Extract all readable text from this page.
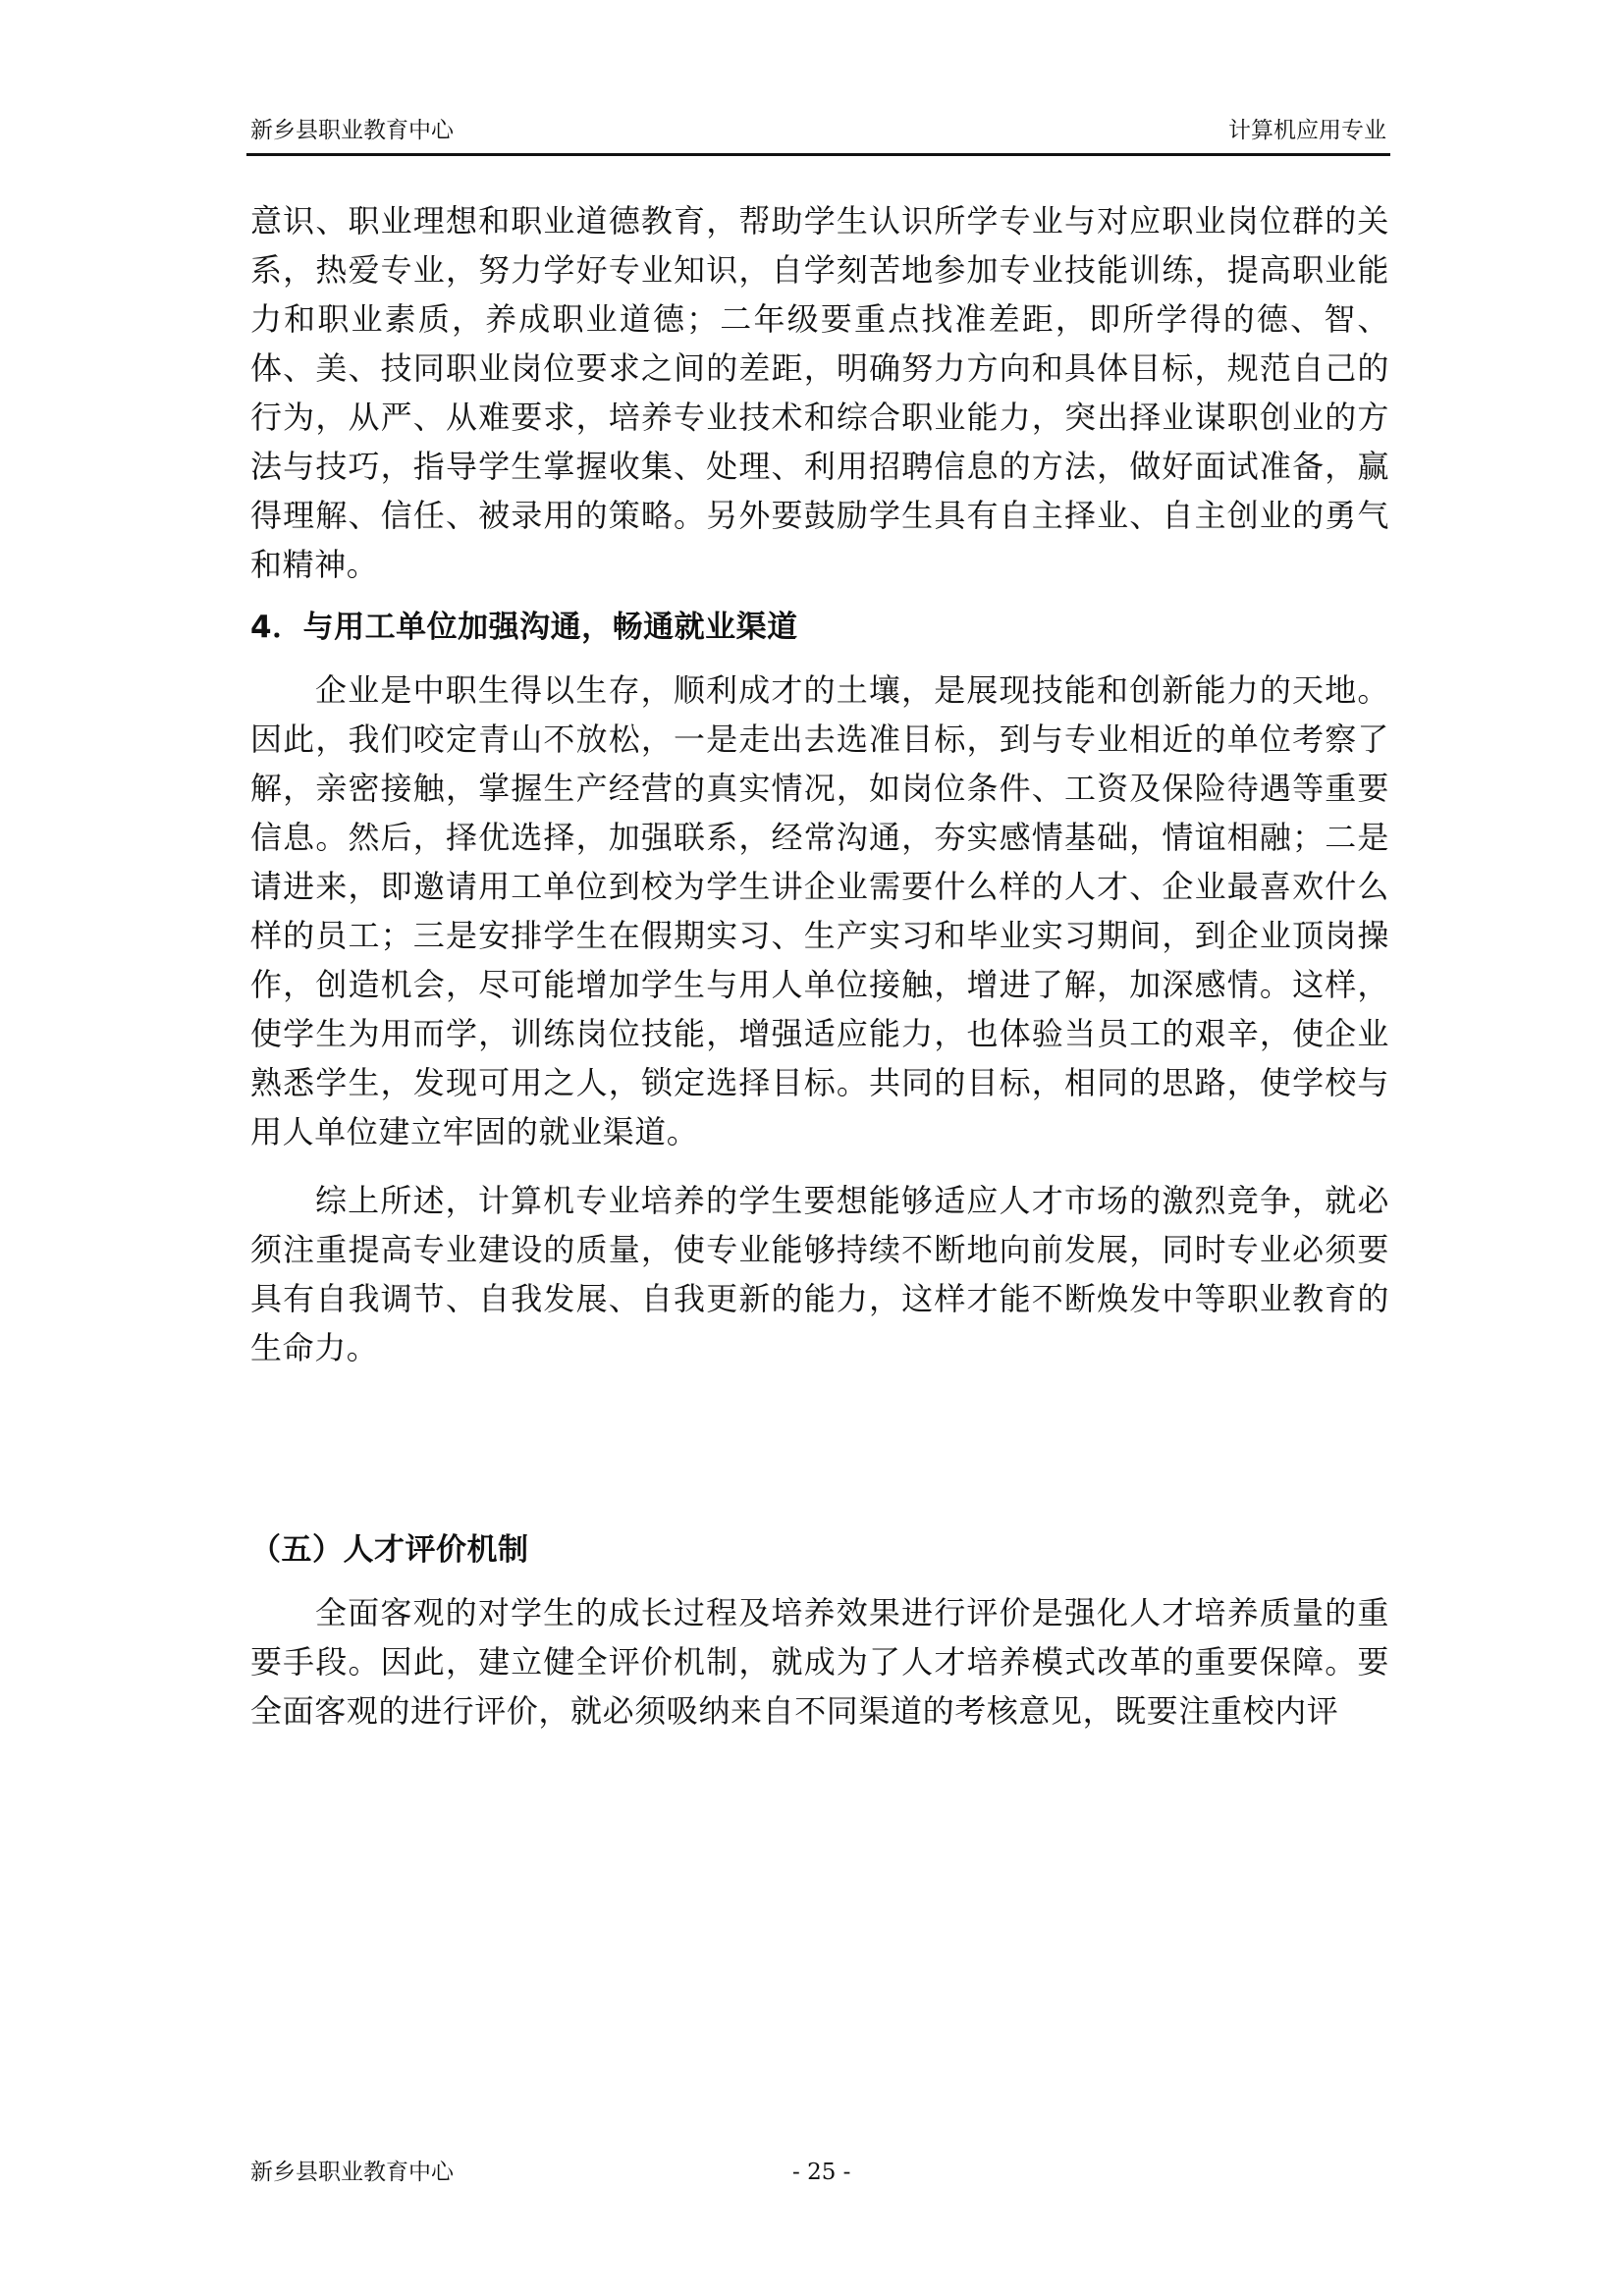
新乡县职业教育中心	计算机应用专业

意识、职业理想和职业道德教育，帮助学生认识所学专业与对应职业岗位群的关系，热爱专业，努力学好专业知识，自学刻苦地参加专业技能训练，提高职业能力和职业素质，养成职业道德；二年级要重点找准差距，即所学得的德、智、体、美、技同职业岗位要求之间的差距，明确努力方向和具体目标，规范自己的行为，从严、从难要求，培养专业技术和综合职业能力，突出择业谋职创业的方法与技巧，指导学生掌握收集、处理、利用招聘信息的方法，做好面试准备，赢得理解、信任、被录用的策略。另外要鼓励学生具有自主择业、自主创业的勇气和精神。

4．与用工单位加强沟通，畅通就业渠道

企业是中职生得以生存，顺利成才的土壤，是展现技能和创新能力的天地。因此，我们咬定青山不放松，一是走出去选准目标，到与专业相近的单位考察了解，亲密接触，掌握生产经营的真实情况，如岗位条件、工资及保险待遇等重要信息。然后，择优选择，加强联系，经常沟通，夯实感情基础，情谊相融；二是请进来，即邀请用工单位到校为学生讲企业需要什么样的人才、企业最喜欢什么样的员工；三是安排学生在假期实习、生产实习和毕业实习期间，到企业顶岗操作，创造机会，尽可能增加学生与用人单位接触，增进了解，加深感情。这样，使学生为用而学，训练岗位技能，增强适应能力，也体验当员工的艰辛，使企业熟悉学生，发现可用之人，锁定选择目标。共同的目标，相同的思路，使学校与用人单位建立牢固的就业渠道。

综上所述，计算机专业培养的学生要想能够适应人才市场的激烈竞争，就必须注重提高专业建设的质量，使专业能够持续不断地向前发展，同时专业必须要具有自我调节、自我发展、自我更新的能力，这样才能不断焕发中等职业教育的生命力。

（五）人才评价机制

全面客观的对学生的成长过程及培养效果进行评价是强化人才培养质量的重要手段。因此，建立健全评价机制，就成为了人才培养模式改革的重要保障。要全面客观的进行评价，就必须吸纳来自不同渠道的考核意见，既要注重校内评

新乡县职业教育中心	- 25 -
